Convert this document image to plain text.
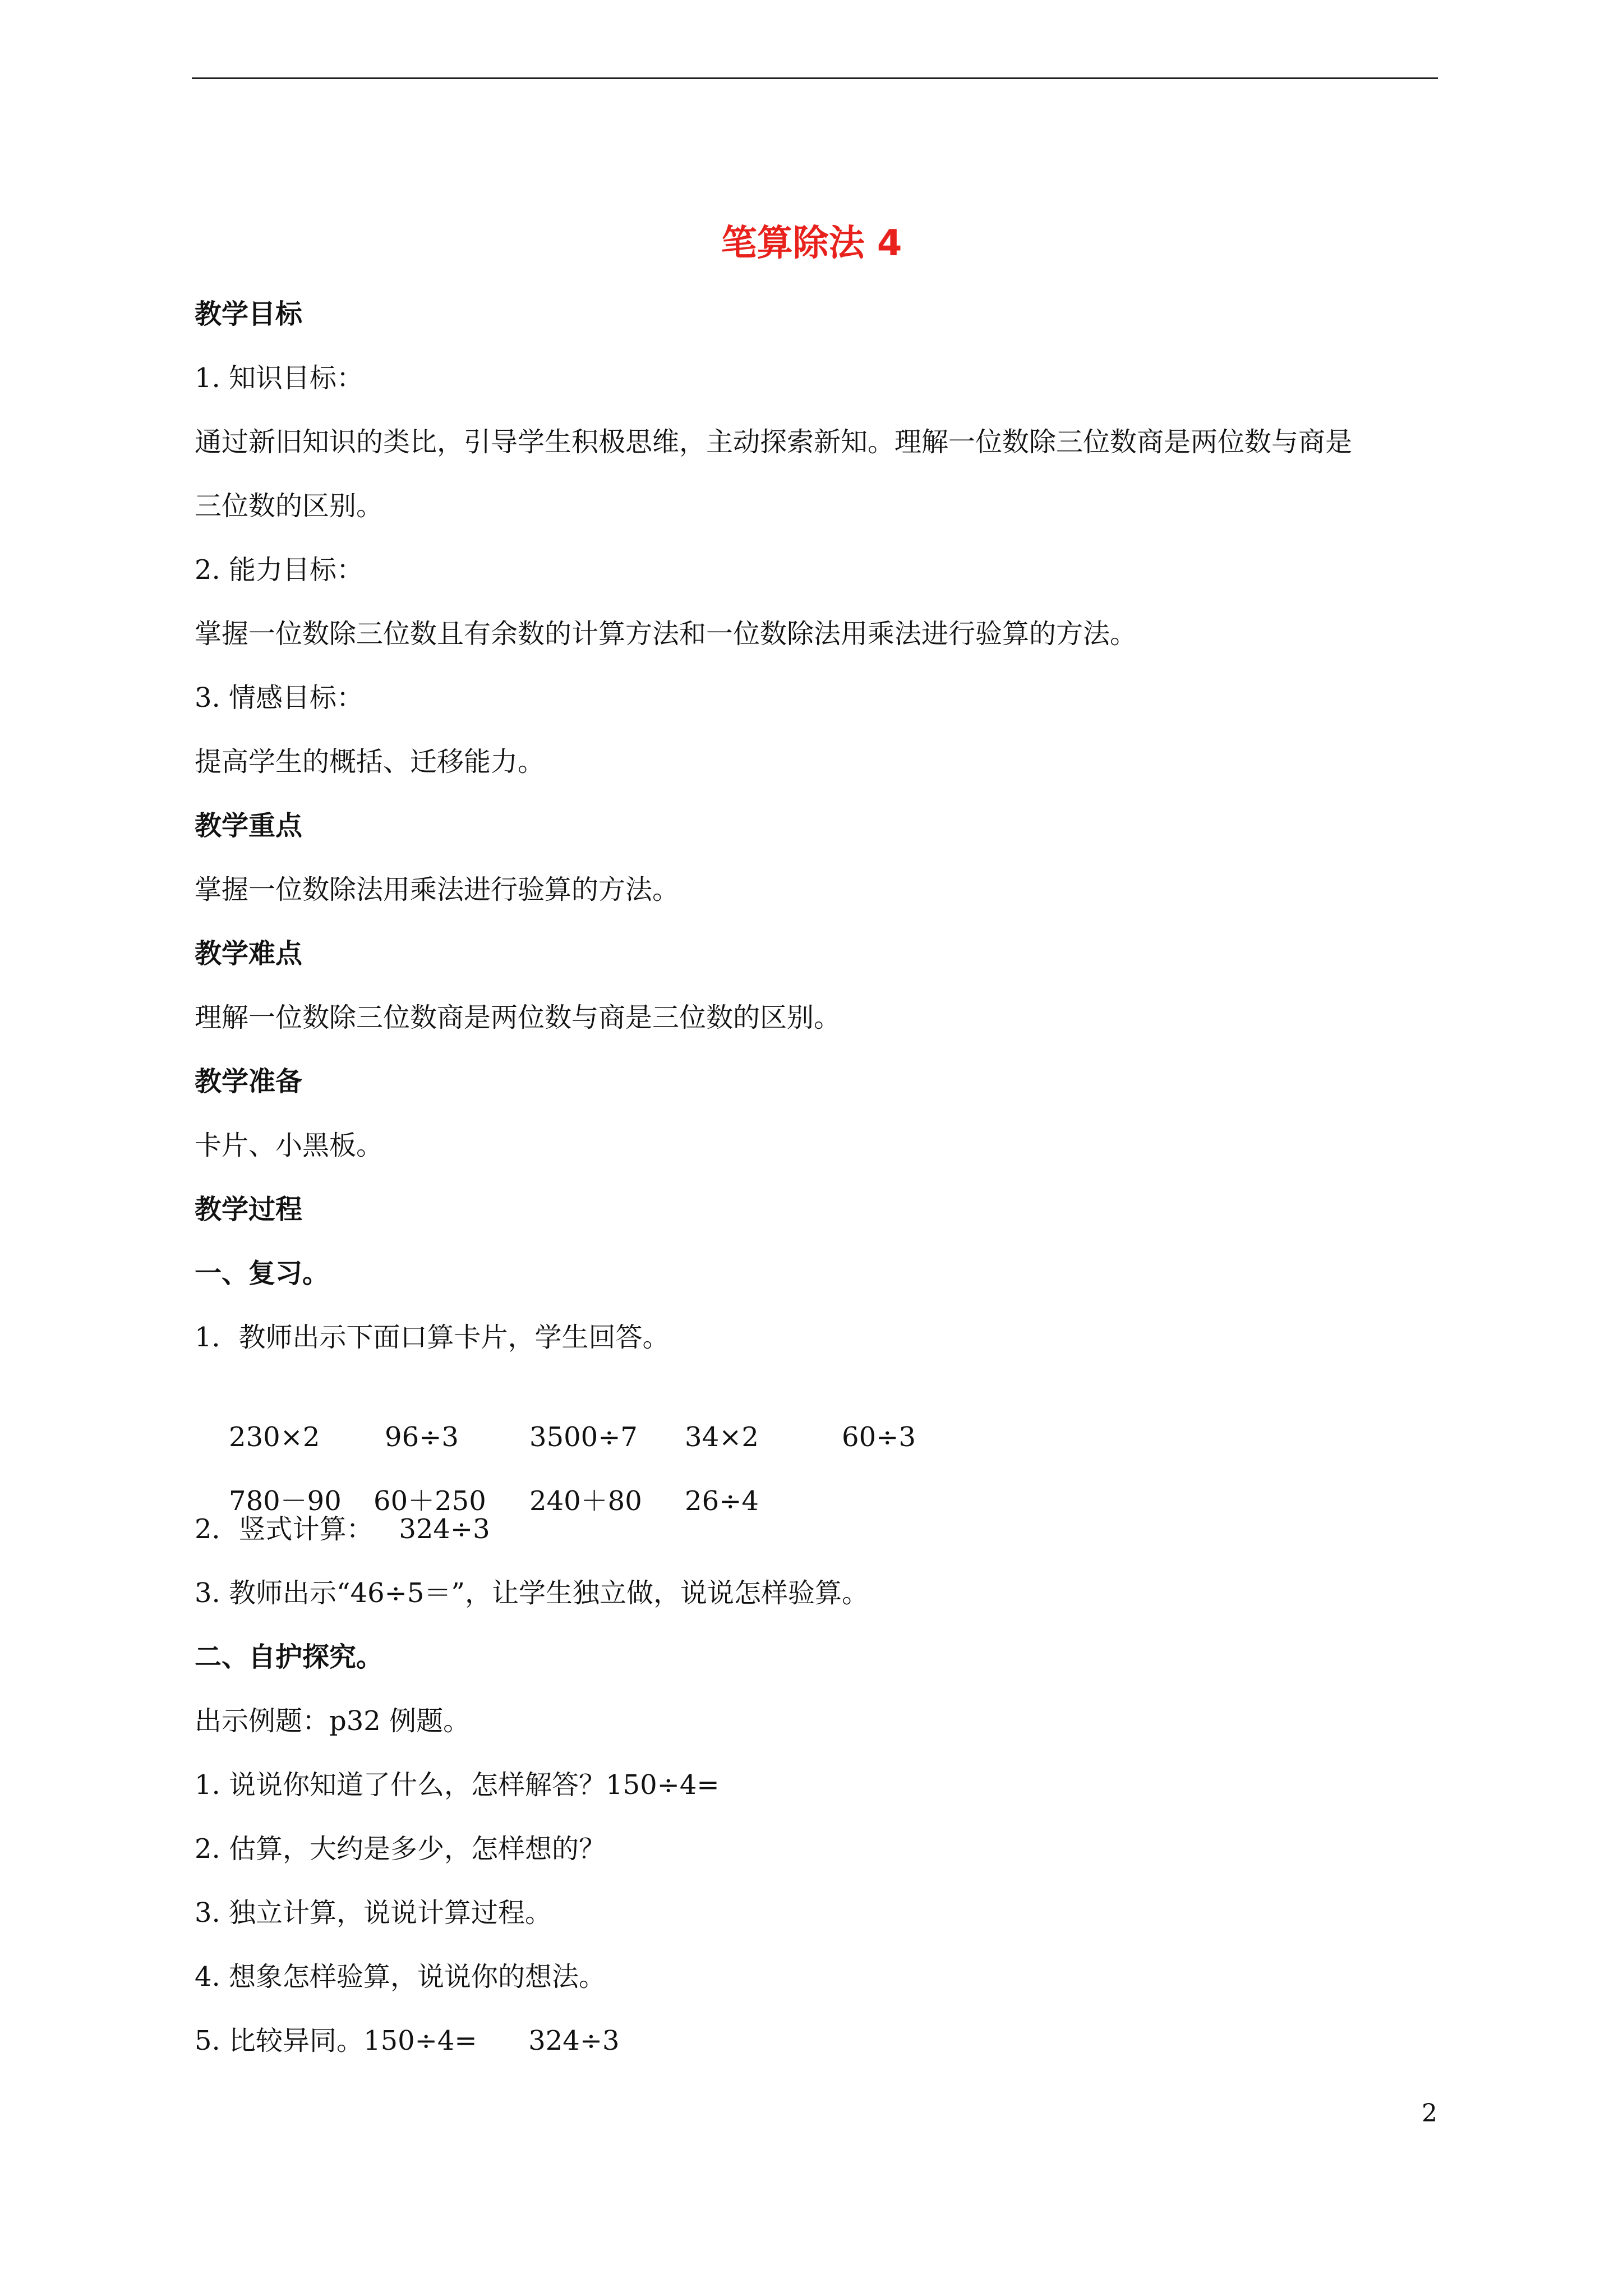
笔算除法 4
教学目标
1. 知识目标：
通过新旧知识的类比，引导学生积极思维，主动探索新知。理解一位数除三位数商是两位数与商是
三位数的区别。
2. 能力目标：
掌握一位数除三位数且有余数的计算方法和一位数除法用乘法进行验算的方法。
3. 情感目标：
提高学生的概括、迁移能力。
教学重点
掌握一位数除法用乘法进行验算的方法。
教学难点
理解一位数除三位数商是两位数与商是三位数的区别。
教学准备
卡片、小黑板。
教学过程
一、复习。
1．教师出示下面口算卡片，学生回答。

230×2 96÷3	3500÷7 34×2	60÷3

780－90 60＋250 240＋80 26÷4

2．竖式计算：   324÷3
3. 教师出示“46÷5＝”，让学生独立做，说说怎样验算。
二、自护探究。
出示例题：p32 例题。
1. 说说你知道了什么，怎样解答？150÷4=
2. 估算，大约是多少，怎样想的？
3. 独立计算，说说计算过程。
4. 想象怎样验算，说说你的想法。
5. 比较异同。150÷4=      324÷3
2
